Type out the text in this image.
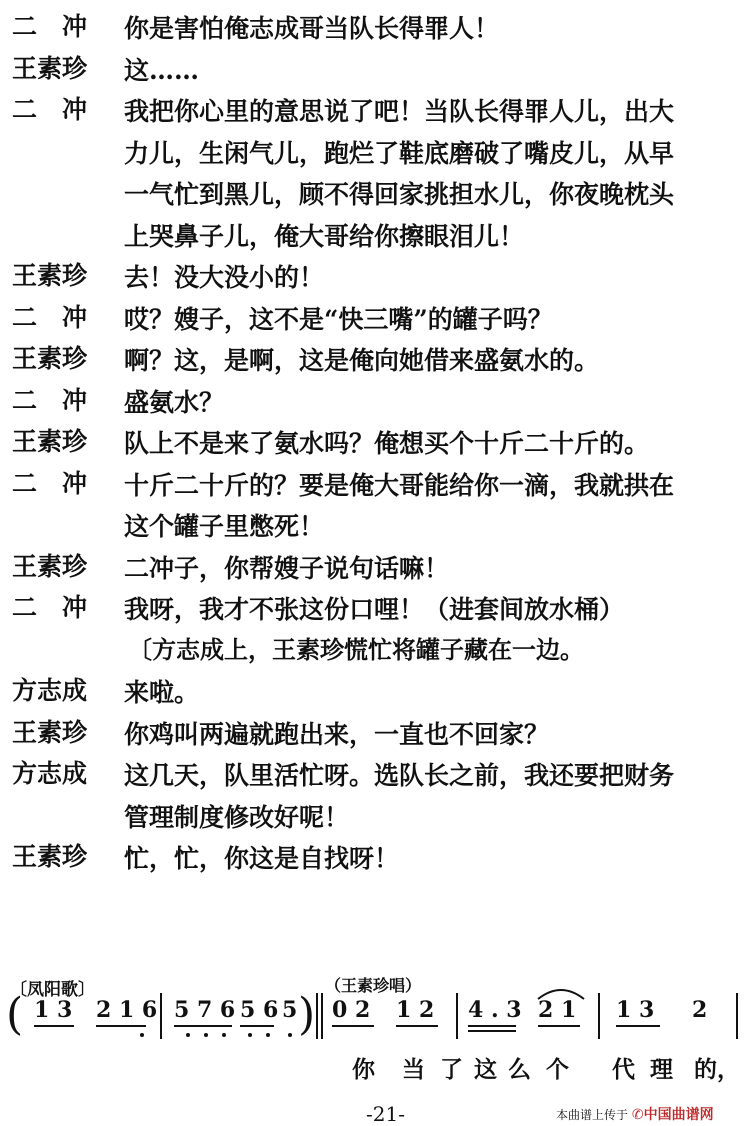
二　冲	你是害怕俺志成哥当队长得罪人！
王素珍	这……
二　冲	我把你心里的意思说了吧！当队长得罪人儿，出大
力儿，生闲气儿，跑烂了鞋底磨破了嘴皮儿，从早
一气忙到黑儿，顾不得回家挑担水儿，你夜晚枕头
上哭鼻子儿，俺大哥给你擦眼泪儿！
王素珍	去！没大没小的！
二　冲	哎？嫂子，这不是“快三嘴”的罐子吗？
王素珍	啊？这，是啊，这是俺向她借来盛氨水的。
二　冲	盛氨水？
王素珍	队上不是来了氨水吗？俺想买个十斤二十斤的。
二　冲	十斤二十斤的？要是俺大哥能给你一滴，我就拱在
这个罐子里憋死！
王素珍	二冲子，你帮嫂子说句话嘛！
二　冲	我呀，我才不张这份口哩！（进套间放水桶）
〔方志成上，王素珍慌忙将罐子藏在一边。
方志成	来啦。
王素珍	你鸡叫两遍就跑出来，一直也不回家？
方志成	这几天，队里活忙呀。选队长之前，我还要把财务
管理制度修改好呢！
王素珍	忙，忙，你这是自找呀！
〔凤阳歌〕	（王素珍唱）
( 1 3 2 1 6 5 7 6 5 6 5 ) 0 2 1 2 4 . 3 2 1 1 3 2
你 当 了 这 么 个 代 理 的，
-21-	本曲谱上传于 ✆中国曲谱网
